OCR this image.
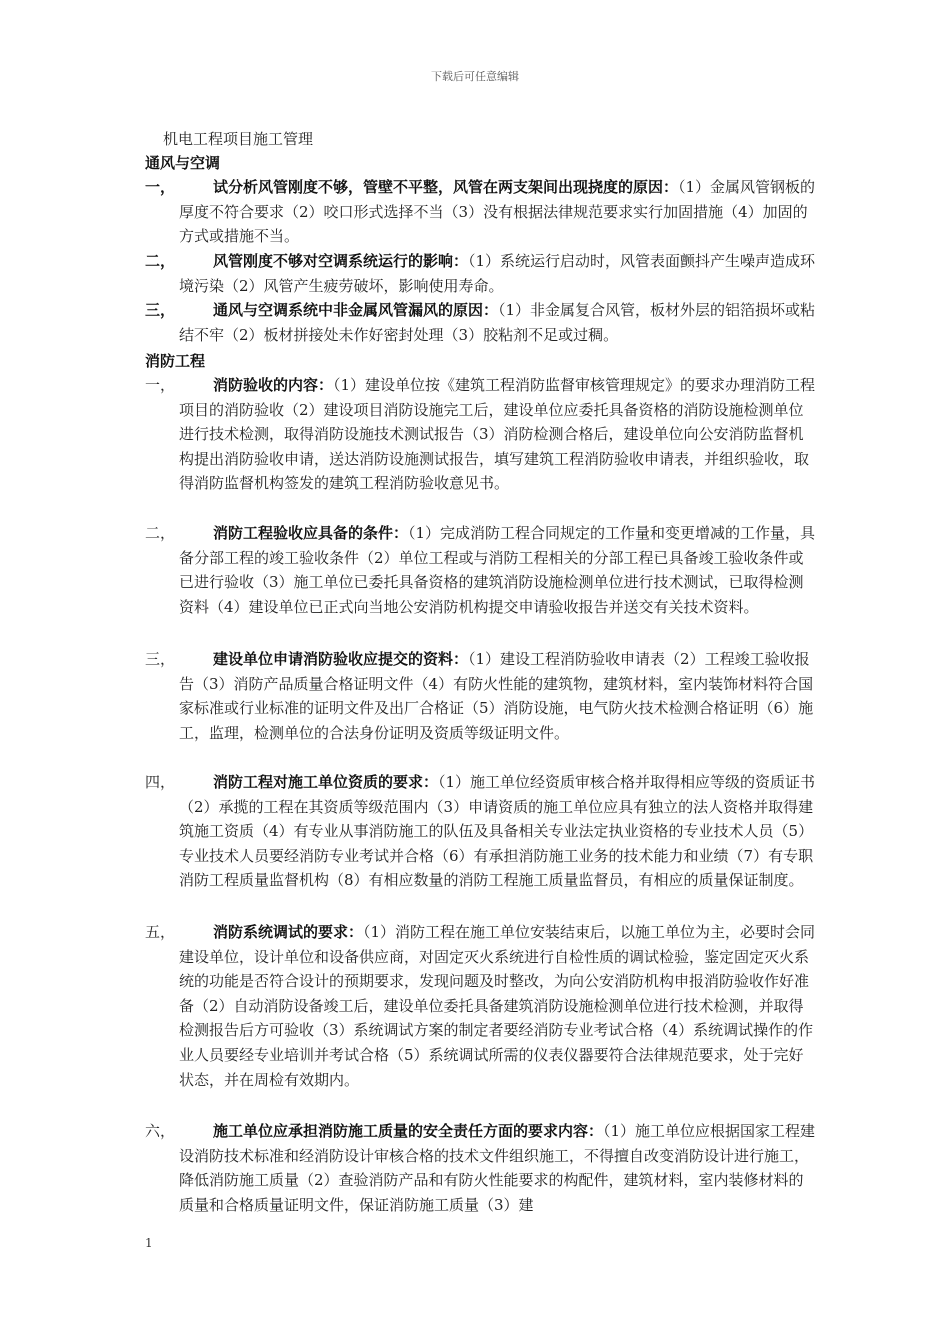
下载后可任意编辑
机电工程项目施工管理
通风与空调
一，	试分析风管刚度不够，管壁不平整，风管在两支架间出现挠度的原因：（1）金属风管钢板的厚度不符合要求（2）咬口形式选择不当（3）没有根据法律规范要求实行加固措施（4）加固的方式或措施不当。
二，	风管刚度不够对空调系统运行的影响：（1）系统运行启动时，风管表面颤抖产生噪声造成环境污染（2）风管产生疲劳破坏，影响使用寿命。
三，	通风与空调系统中非金属风管漏风的原因：（1）非金属复合风管，板材外层的铝箔损坏或粘结不牢（2）板材拼接处未作好密封处理（3）胶粘剂不足或过稠。
消防工程
一，	消防验收的内容：（1）建设单位按《建筑工程消防监督审核管理规定》的要求办理消防工程项目的消防验收（2）建设项目消防设施完工后，建设单位应委托具备资格的消防设施检测单位进行技术检测，取得消防设施技术测试报告（3）消防检测合格后，建设单位向公安消防监督机构提出消防验收申请，送达消防设施测试报告，填写建筑工程消防验收申请表，并组织验收，取得消防监督机构签发的建筑工程消防验收意见书。
二，	消防工程验收应具备的条件：（1）完成消防工程合同规定的工作量和变更增减的工作量，具备分部工程的竣工验收条件（2）单位工程或与消防工程相关的分部工程已具备竣工验收条件或已进行验收（3）施工单位已委托具备资格的建筑消防设施检测单位进行技术测试，已取得检测资料（4）建设单位已正式向当地公安消防机构提交申请验收报告并送交有关技术资料。
三，	建设单位申请消防验收应提交的资料：（1）建设工程消防验收申请表（2）工程竣工验收报告（3）消防产品质量合格证明文件（4）有防火性能的建筑物，建筑材料，室内装饰材料符合国家标准或行业标准的证明文件及出厂合格证（5）消防设施，电气防火技术检测合格证明（6）施工，监理，检测单位的合法身份证明及资质等级证明文件。
四，	消防工程对施工单位资质的要求：（1）施工单位经资质审核合格并取得相应等级的资质证书（2）承揽的工程在其资质等级范围内（3）申请资质的施工单位应具有独立的法人资格并取得建筑施工资质（4）有专业从事消防施工的队伍及具备相关专业法定执业资格的专业技术人员（5）专业技术人员要经消防专业考试并合格（6）有承担消防施工业务的技术能力和业绩（7）有专职消防工程质量监督机构（8）有相应数量的消防工程施工质量监督员，有相应的质量保证制度。
五，	消防系统调试的要求：（1）消防工程在施工单位安装结束后，以施工单位为主，必要时会同建设单位，设计单位和设备供应商，对固定灭火系统进行自检性质的调试检验，鉴定固定灭火系统的功能是否符合设计的预期要求，发现问题及时整改，为向公安消防机构申报消防验收作好准备（2）自动消防设备竣工后，建设单位委托具备建筑消防设施检测单位进行技术检测，并取得检测报告后方可验收（3）系统调试方案的制定者要经消防专业考试合格（4）系统调试操作的作业人员要经专业培训并考试合格（5）系统调试所需的仪表仪器要符合法律规范要求，处于完好状态，并在周检有效期内。
六，	施工单位应承担消防施工质量的安全责任方面的要求内容：（1）施工单位应根据国家工程建设消防技术标准和经消防设计审核合格的技术文件组织施工，不得擅自改变消防设计进行施工，降低消防施工质量（2）查验消防产品和有防火性能要求的构配件，建筑材料，室内装修材料的质量和合格质量证明文件，保证消防施工质量（3）建
1
